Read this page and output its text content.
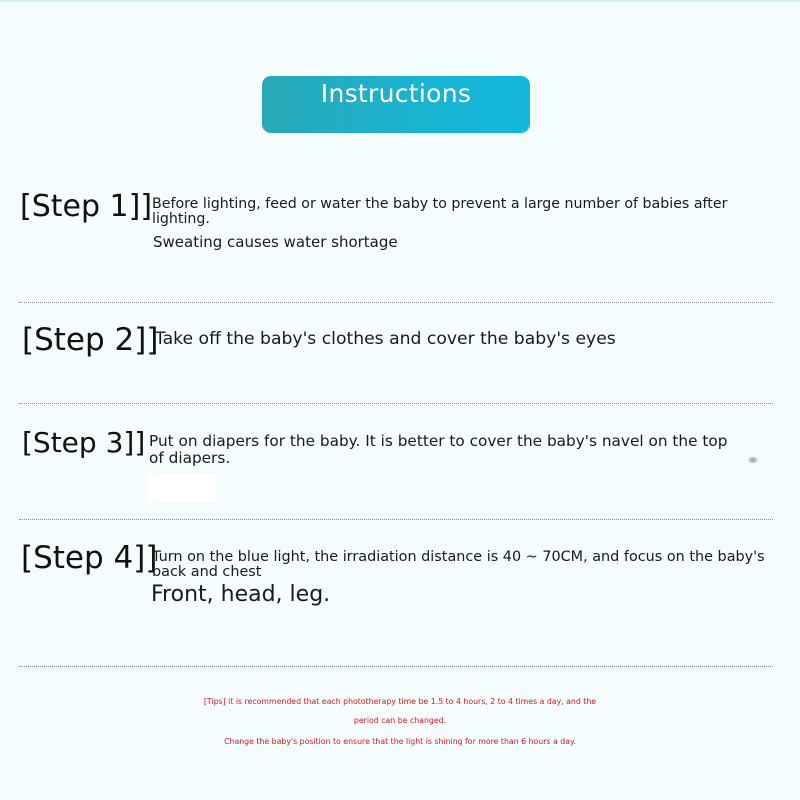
Instructions
[Step 1]] Before lighting, feed or water the baby to prevent a large number of babies after
lighting.
Sweating causes water shortage
[Step 2]]
Take off the baby's clothes and cover the baby's eyes
[Step 3]] Put on diapers for the baby. It is better to cover the baby's navel on the top
of diapers.
[Step 4]]
Turn on the blue light, the irradiation distance is 40 ~ 70CM, and focus on the baby's
back and chest
Front, head, leg.
[Tips] it is recommended that each phototherapy time be 1.5 to 4 hours, 2 to 4 times a day, and the
period can be changed.
Change the baby's position to ensure that the light is shining for more than 6 hours a day.
